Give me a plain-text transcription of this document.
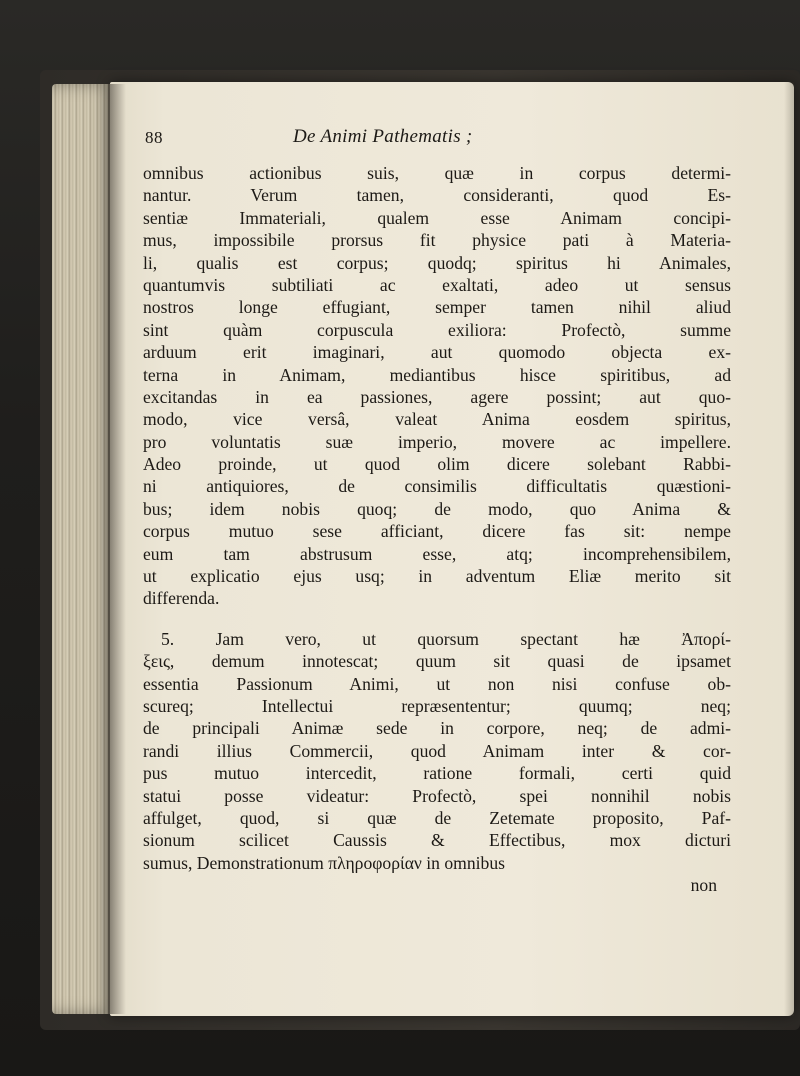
88	De Animi Pathematis ;
omnibus actionibus suis, quæ in corpus determi-
nantur. Verum tamen, consideranti, quod Es-
sentiæ Immateriali, qualem esse Animam concipi-
mus, impossibile prorsus fit physice pati à Materia-
li, qualis est corpus; quodq; spiritus hi Animales,
quantumvis subtiliati ac exaltati, adeo ut sensus
nostros longe effugiant, semper tamen nihil aliud
sint quàm corpuscula exiliora: Profectò, summe
arduum erit imaginari, aut quomodo objecta ex-
terna in Animam, mediantibus hisce spiritibus, ad
excitandas in ea passiones, agere possint; aut quo-
modo, vice versâ, valeat Anima eosdem spiritus,
pro voluntatis suæ imperio, movere ac impellere.
Adeo proinde, ut quod olim dicere solebant Rabbi-
ni antiquiores, de consimilis difficultatis quæstioni-
bus; idem nobis quoq; de modo, quo Anima &
corpus mutuo sese afficiant, dicere fas sit: nempe
eum tam abstrusum esse, atq; incomprehensibilem,
ut explicatio ejus usq; in adventum Eliæ merito sit
differenda.
5. Jam vero, ut quorsum spectant hæ Ἀπορί-
ξεις, demum innotescat; quum sit quasi de ipsamet
essentia Passionum Animi, ut non nisi confuse ob-
scureq; Intellectui repræsententur; quumq; neq;
de principali Animæ sede in corpore, neq; de admi-
randi illius Commercii, quod Animam inter & cor-
pus mutuo intercedit, ratione formali, certi quid
statui posse videatur: Profectò, spei nonnihil nobis
affulget, quod, si quæ de Zetemate proposito, Paf-
sionum scilicet Caussis & Effectibus, mox dicturi
sumus, Demonstrationum πληροφορίαν in omnibus
non
